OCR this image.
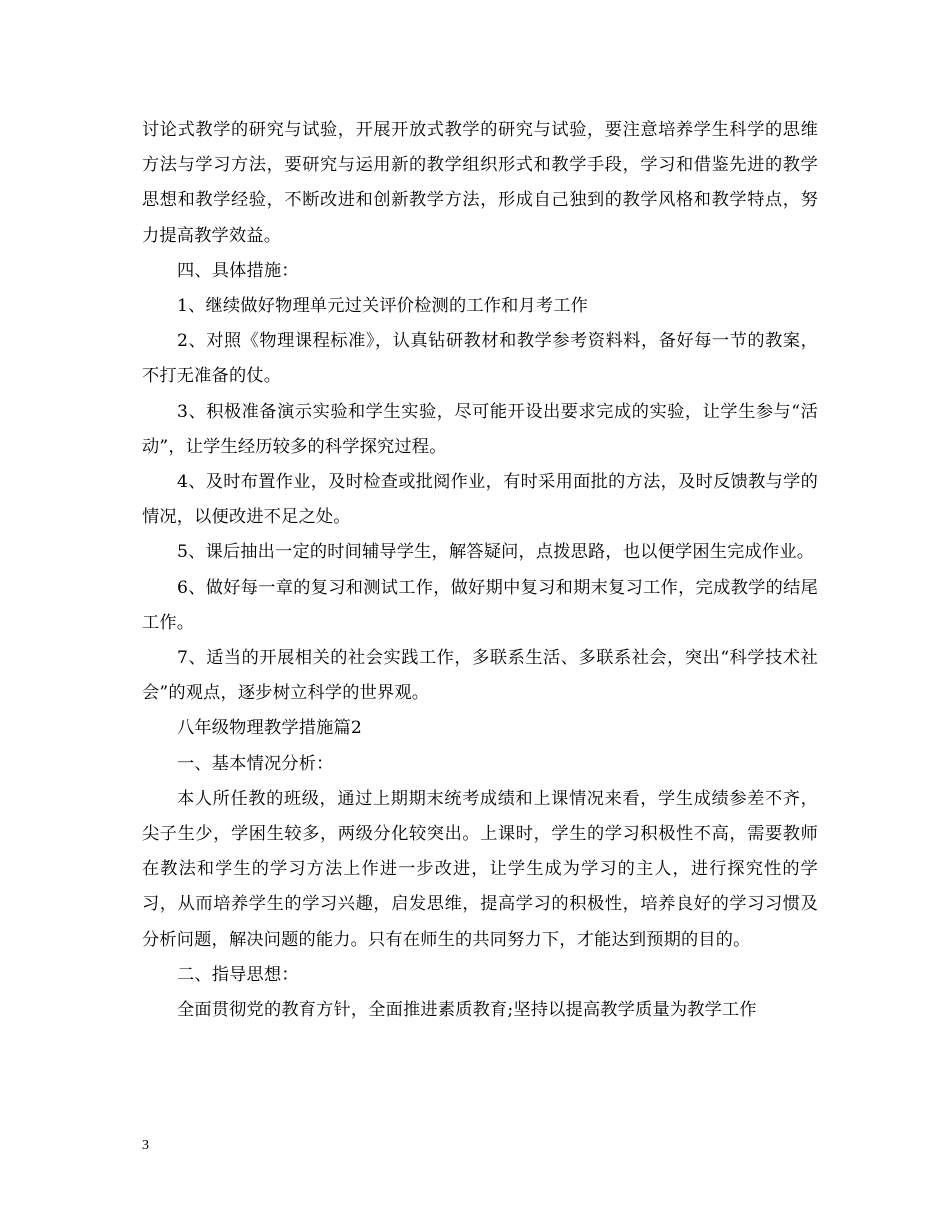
讨论式教学的研究与试验，开展开放式教学的研究与试验，要注意培养学生科学的思维方法与学习方法，要研究与运用新的教学组织形式和教学手段，学习和借鉴先进的教学思想和教学经验，不断改进和创新教学方法，形成自己独到的教学风格和教学特点，努力提高教学效益。

四、具体措施：

1、继续做好物理单元过关评价检测的工作和月考工作

2、对照《物理课程标准》，认真钻研教材和教学参考资料料，备好每一节的教案，不打无准备的仗。

3、积极准备演示实验和学生实验，尽可能开设出要求完成的实验，让学生参与“活动”，让学生经历较多的科学探究过程。

4、及时布置作业，及时检查或批阅作业，有时采用面批的方法，及时反馈教与学的情况，以便改进不足之处。

5、课后抽出一定的时间辅导学生，解答疑问，点拨思路，也以便学困生完成作业。

6、做好每一章的复习和测试工作，做好期中复习和期末复习工作，完成教学的结尾工作。

7、适当的开展相关的社会实践工作，多联系生活、多联系社会，突出“科学技术社会”的观点，逐步树立科学的世界观。

八年级物理教学措施篇2

一、基本情况分析：

本人所任教的班级，通过上期期末统考成绩和上课情况来看，学生成绩参差不齐，尖子生少，学困生较多，两级分化较突出。上课时，学生的学习积极性不高，需要教师在教法和学生的学习方法上作进一步改进，让学生成为学习的主人，进行探究性的学习，从而培养学生的学习兴趣，启发思维，提高学习的积极性，培养良好的学习习惯及分析问题，解决问题的能力。只有在师生的共同努力下，才能达到预期的目的。

二、指导思想：

全面贯彻党的教育方针，全面推进素质教育;坚持以提高教学质量为教学工作

3
